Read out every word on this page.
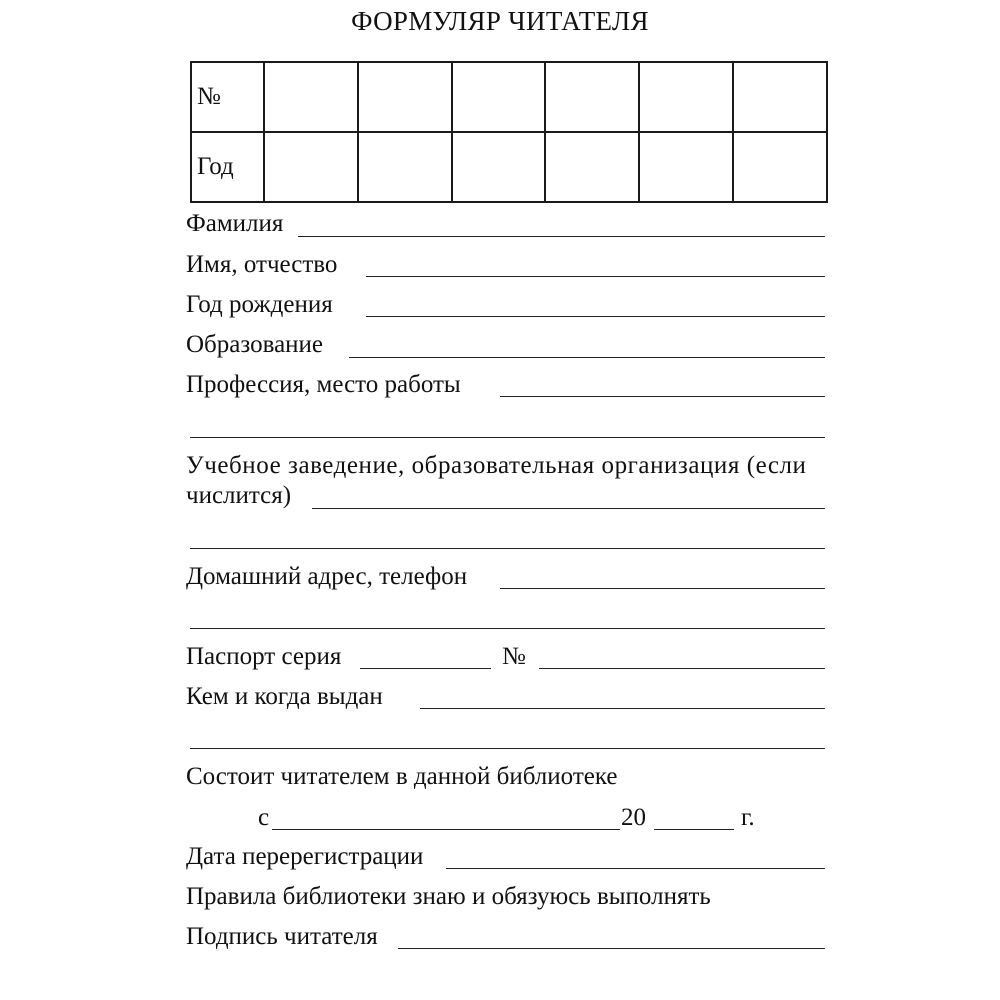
ФОРМУЛЯР ЧИТАТЕЛЯ
№						
Год						
Фамилия
Имя, отчество
Год рождения
Образование
Профессия, место работы
Учебное заведение, образовательная организация (если
числится)
Домашний адрес, телефон
Паспорт серия	№
Кем и когда выдан
Состоит читателем в данной библиотеке
с	20	г.
Дата перерегистрации
Правила библиотеки знаю и обязуюсь выполнять
Подпись читателя
